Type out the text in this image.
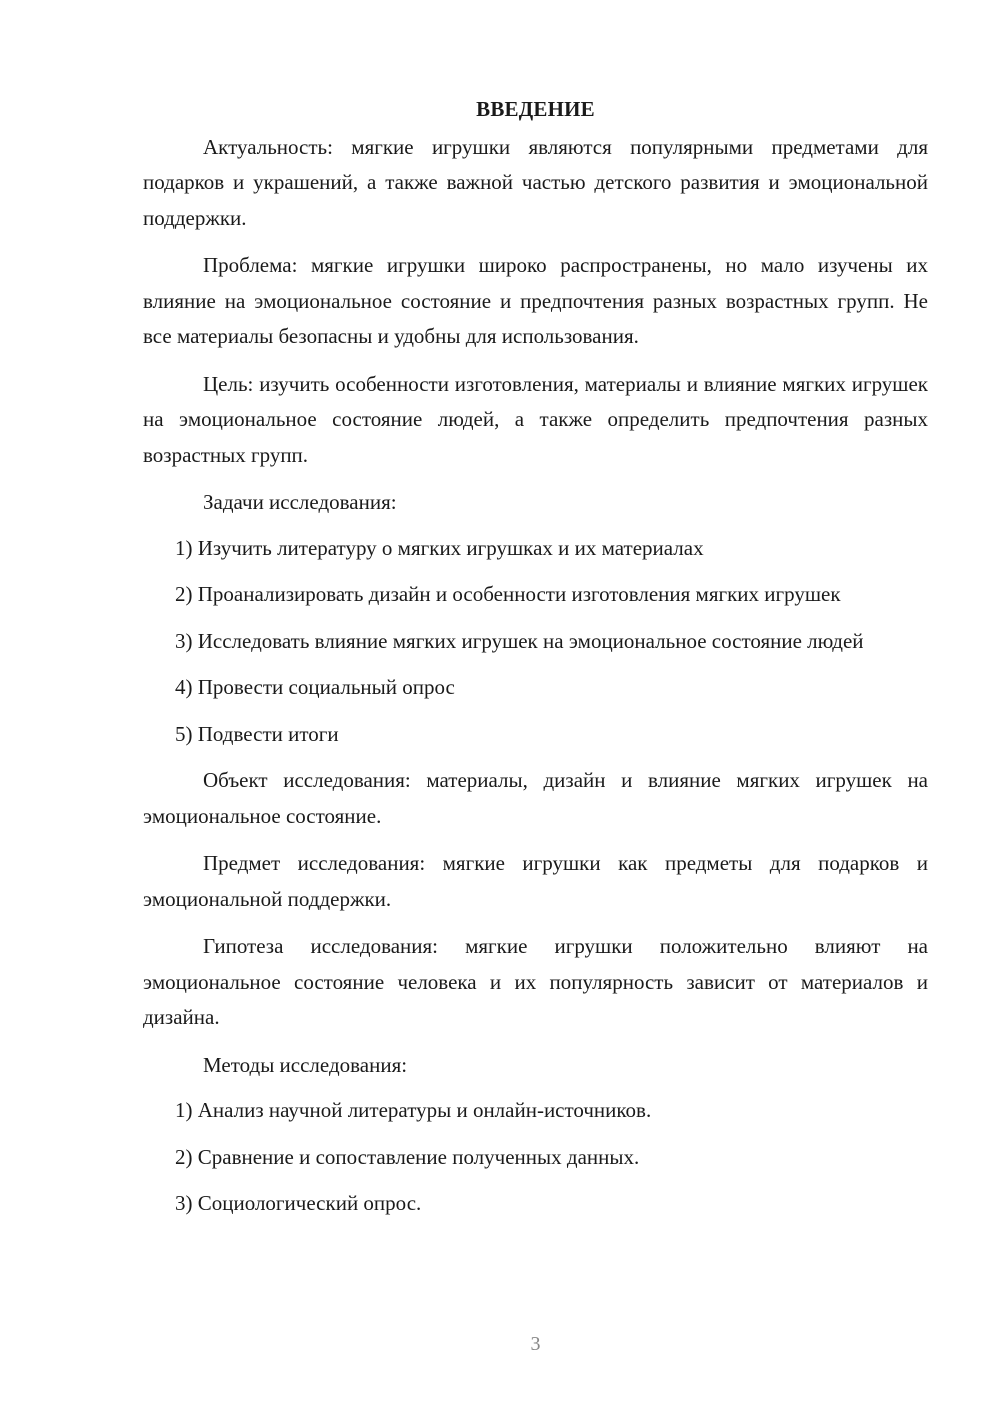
ВВЕДЕНИЕ

Актуальность: мягкие игрушки являются популярными предметами для подарков и украшений, а также важной частью детского развития и эмоциональной поддержки.

Проблема: мягкие игрушки широко распространены, но мало изучены их влияние на эмоциональное состояние и предпочтения разных возрастных групп. Не все материалы безопасны и удобны для использования.

Цель: изучить особенности изготовления, материалы и влияние мягких игрушек на эмоциональное состояние людей, а также определить предпочтения разных возрастных групп.

Задачи исследования:

1) Изучить литературу о мягких игрушках и их материалах

2) Проанализировать дизайн и особенности изготовления мягких игрушек

3) Исследовать влияние мягких игрушек на эмоциональное состояние людей

4) Провести социальный опрос

5) Подвести итоги

Объект исследования: материалы, дизайн и влияние мягких игрушек на эмоциональное состояние.

Предмет исследования: мягкие игрушки как предметы для подарков и эмоциональной поддержки.

Гипотеза исследования: мягкие игрушки положительно влияют на эмоциональное состояние человека и их популярность зависит от материалов и дизайна.

Методы исследования:

1) Анализ научной литературы и онлайн-источников.

2) Сравнение и сопоставление полученных данных.

3) Социологический опрос.

3
